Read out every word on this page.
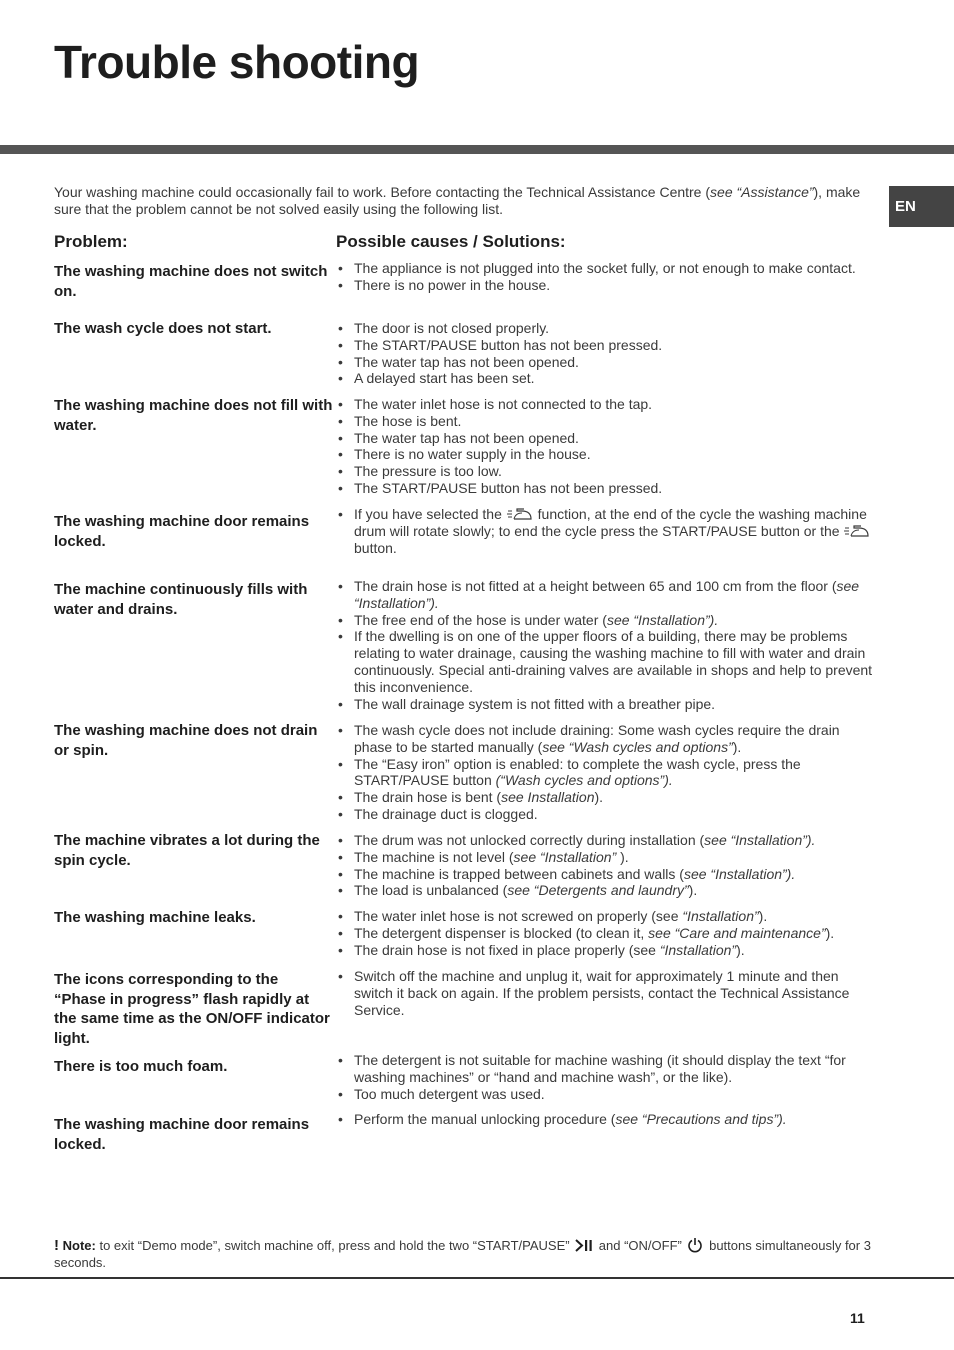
Trouble shooting
EN

Your washing machine could occasionally fail to work. Before contacting the Technical Assistance Centre (see “Assistance”), make sure that the problem cannot be not solved easily using the following list.

Problem:	Possible causes / Solutions:
The washing machine does not switch on.
• The appliance is not plugged into the socket fully, or not enough to make contact.
• There is no power in the house.
The wash cycle does not start.	• The door is not closed properly.
• The START/PAUSE button has not been pressed.
• The water tap has not been opened.
• A delayed start has been set.
The washing machine does not fill with water.
• The water inlet hose is not connected to the tap.
• The hose is bent.
• The water tap has not been opened.
• There is no water supply in the house.
• The pressure is too low.
• The START/PAUSE button has not been pressed.
The washing machine door remains locked.
• If you have selected the  function, at the end of the cycle the washing machine drum will rotate slowly; to end the cycle press the START/PAUSE button or the  button.
The machine continuously fills with water and drains.
• The drain hose is not fitted at a height between 65 and 100 cm from the floor (see “Installation”).
• The free end of the hose is under water (see “Installation”).
• If the dwelling is on one of the upper floors of a building, there may be problems relating to water drainage, causing the washing machine to fill with water and drain continuously. Special anti-draining valves are available in shops and help to prevent this inconvenience.
• The wall drainage system is not fitted with a breather pipe.
The washing machine does not drain or spin.
• The wash cycle does not include draining: Some wash cycles require the drain phase to be started manually (see “Wash cycles and options”).
• The “Easy iron” option is enabled: to complete the wash cycle, press the START/PAUSE button (“Wash cycles and options”).
• The drain hose is bent (see Installation).
• The drainage duct is clogged.
The machine vibrates a lot during the spin cycle.
• The drum was not unlocked correctly during installation (see “Installation”).
• The machine is not level (see “Installation” ).
• The machine is trapped between cabinets and walls (see “Installation”).
• The load is unbalanced (see “Detergents and laundry”).
The washing machine leaks.	• The water inlet hose is not screwed on properly (see “Installation”).
• The detergent dispenser is blocked (to clean it, see “Care and maintenance”).
• The drain hose is not fixed in place properly (see “Installation”).
The icons corresponding to the “Phase in progress” flash rapidly at the same time as the ON/OFF indicator light.
• Switch off the machine and unplug it, wait for approximately 1 minute and then switch it back on again. If the problem persists, contact the Technical Assistance Service.
There is too much foam.	• The detergent is not suitable for machine washing (it should display the text “for washing machines” or “hand and machine wash”, or the like).
• Too much detergent was used.
The washing machine door remains locked.
• Perform the manual unlocking procedure (see “Precautions and tips”).

! Note: to exit “Demo mode”, switch machine off, press and hold the two “START/PAUSE”  and “ON/OFF”  buttons simultaneously for 3 seconds.

11
